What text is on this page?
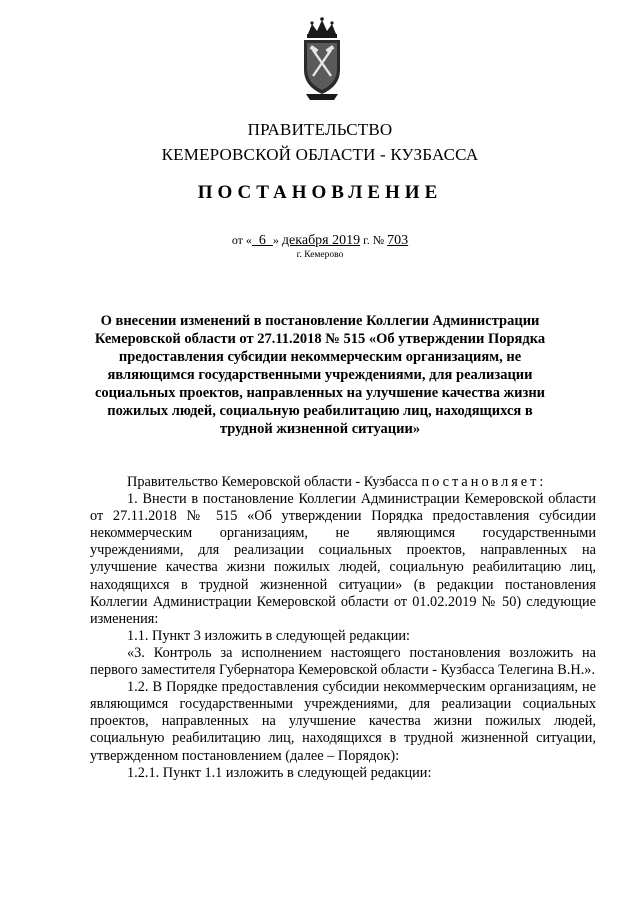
ПРАВИТЕЛЬСТВО
КЕМЕРОВСКОЙ ОБЛАСТИ - КУЗБАССА
ПОСТАНОВЛЕНИЕ
от «  6  » декабря 2019 г. № 703
г. Кемерово
О внесении изменений в постановление Коллегии Администрации Кемеровской области от 27.11.2018 № 515 «Об утверждении Порядка предоставления субсидии некоммерческим организациям, не являющимся государственными учреждениями, для реализации социальных проектов, направленных на улучшение качества жизни пожилых людей, социальную реабилитацию лиц, находящихся в трудной жизненной ситуации»

Правительство Кемеровской области - Кузбасса постановляет:

1. Внести в постановление Коллегии Администрации Кемеровской области от 27.11.2018 № 515 «Об утверждении Порядка предоставления субсидии некоммерческим организациям, не являющимся государственными учреждениями, для реализации социальных проектов, направленных на улучшение качества жизни пожилых людей, социальную реабилитацию лиц, находящихся в трудной жизненной ситуации» (в редакции постановления Коллегии Администрации Кемеровской области от 01.02.2019 № 50) следующие изменения:

1.1. Пункт 3 изложить в следующей редакции:

«3. Контроль за исполнением настоящего постановления возложить на первого заместителя Губернатора Кемеровской области - Кузбасса Телегина В.Н.».

1.2. В Порядке предоставления субсидии некоммерческим организациям, не являющимся государственными учреждениями, для реализации социальных проектов, направленных на улучшение качества жизни пожилых людей, социальную реабилитацию лиц, находящихся в трудной жизненной ситуации, утвержденном постановлением (далее – Порядок):

1.2.1. Пункт 1.1 изложить в следующей редакции:
